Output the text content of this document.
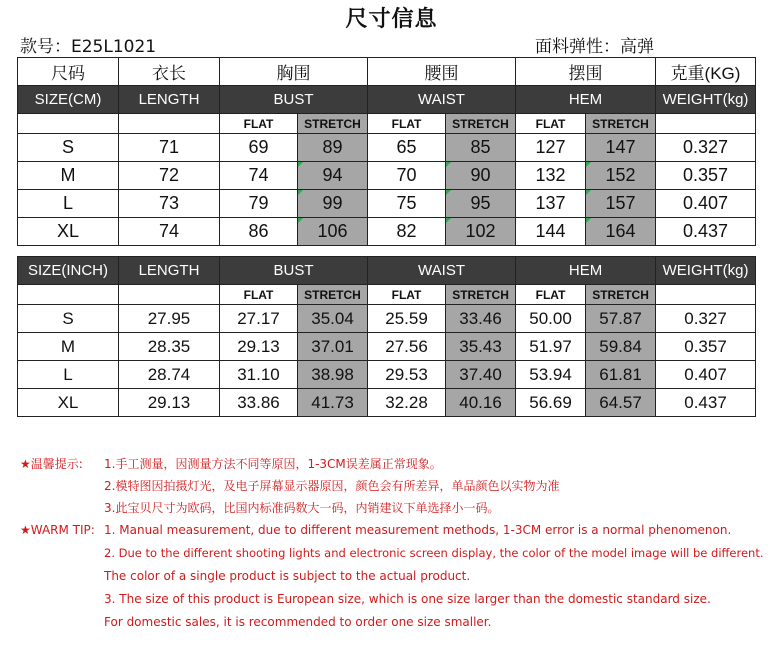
尺寸信息
款号：E25L1021	面料弹性：高弹
尺码	衣长	胸围		腰围		摆围		克重(KG)
SIZE(CM)	LENGTH	BUST		WAIST		HEM		WEIGHT(kg)
		FLAT	STRETCH	FLAT	STRETCH	FLAT	STRETCH	
S	71	69	89	65	85	127	147	0.327
M	72	74	94	70	90	132	152	0.357
L	73	79	99	75	95	137	157	0.407
XL	74	86	106	82	102	144	164	0.437
SIZE(INCH)	LENGTH	BUST		WAIST		HEM		WEIGHT(kg)
		FLAT	STRETCH	FLAT	STRETCH	FLAT	STRETCH	
S	27.95	27.17	35.04	25.59	33.46	50.00	57.87	0.327
M	28.35	29.13	37.01	27.56	35.43	51.97	59.84	0.357
L	28.74	31.10	38.98	29.53	37.40	53.94	61.81	0.407
XL	29.13	33.86	41.73	32.28	40.16	56.69	64.57	0.437
★温馨提示: 1.手工测量，因测量方法不同等原因，1-3CM误差属正常现象。
2.模特图因拍摄灯光，及电子屏幕显示器原因，颜色会有所差异，单品颜色以实物为准
3.此宝贝尺寸为欧码，比国内标准码数大一码，内销建议下单选择小一码。
★WARM TIP: 1. Manual measurement, due to different measurement methods, 1-3CM error is a normal phenomenon.
2. Due to the different shooting lights and electronic screen display, the color of the model image will be different.
The color of a single product is subject to the actual product.
3. The size of this product is European size, which is one size larger than the domestic standard size.
For domestic sales, it is recommended to order one size smaller.
